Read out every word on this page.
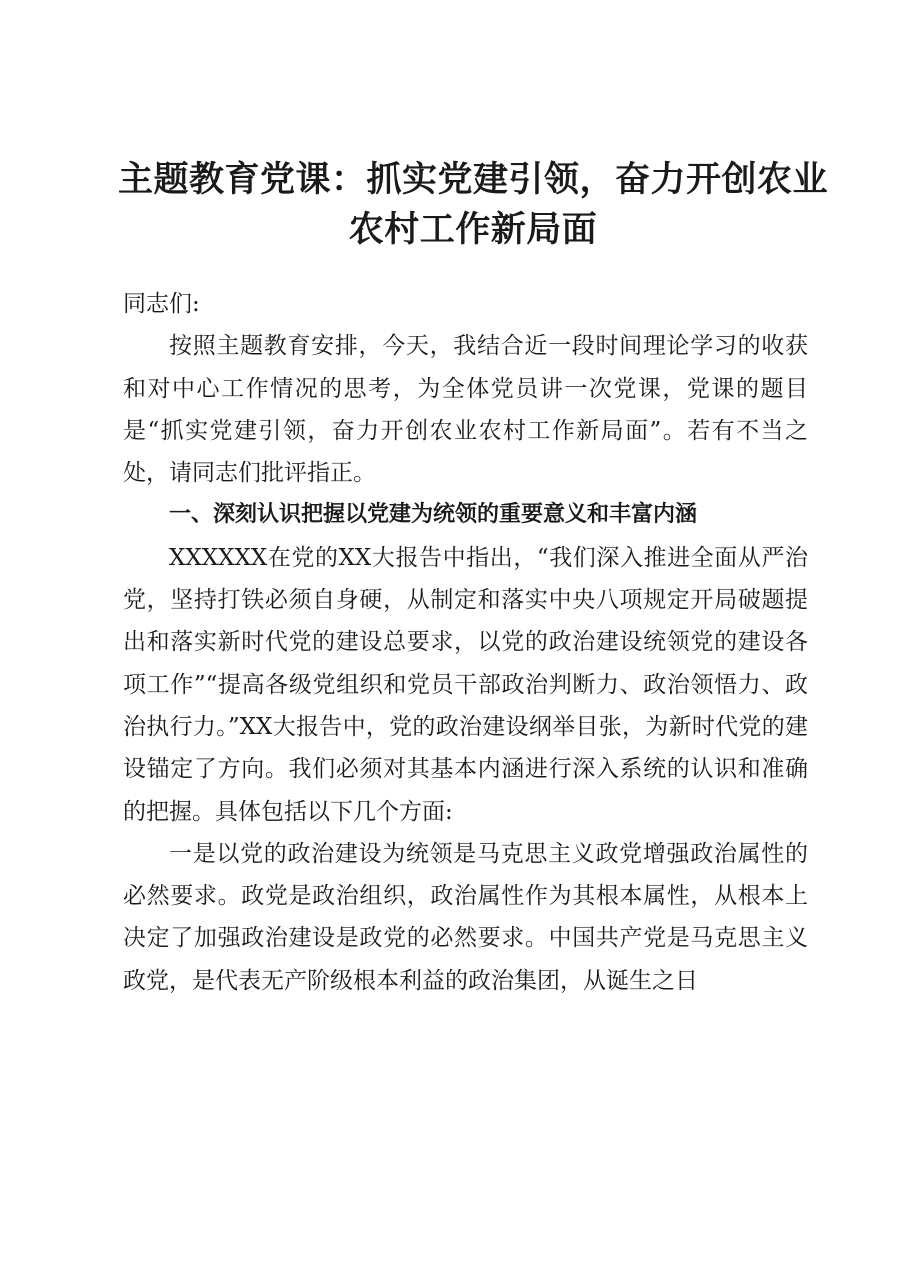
主题教育党课：抓实党建引领，奋力开创农业农村工作新局面

同志们:

按照主题教育安排，今天，我结合近一段时间理论学习的收获和对中心工作情况的思考，为全体党员讲一次党课，党课的题目是“抓实党建引领，奋力开创农业农村工作新局面”。若有不当之处，请同志们批评指正。

一、深刻认识把握以党建为统领的重要意义和丰富内涵

XXXXXX在党的XX大报告中指出，“我们深入推进全面从严治党，坚持打铁必须自身硬，从制定和落实中央八项规定开局破题提出和落实新时代党的建设总要求，以党的政治建设统领党的建设各项工作”“提高各级党组织和党员干部政治判断力、政治领悟力、政治执行力。”XX大报告中，党的政治建设纲举目张，为新时代党的建设锚定了方向。我们必须对其基本内涵进行深入系统的认识和准确的把握。具体包括以下几个方面:

一是以党的政治建设为统领是马克思主义政党增强政治属性的必然要求。政党是政治组织，政治属性作为其根本属性，从根本上决定了加强政治建设是政党的必然要求。中国共产党是马克思主义政党，是代表无产阶级根本利益的政治集团，从诞生之日
